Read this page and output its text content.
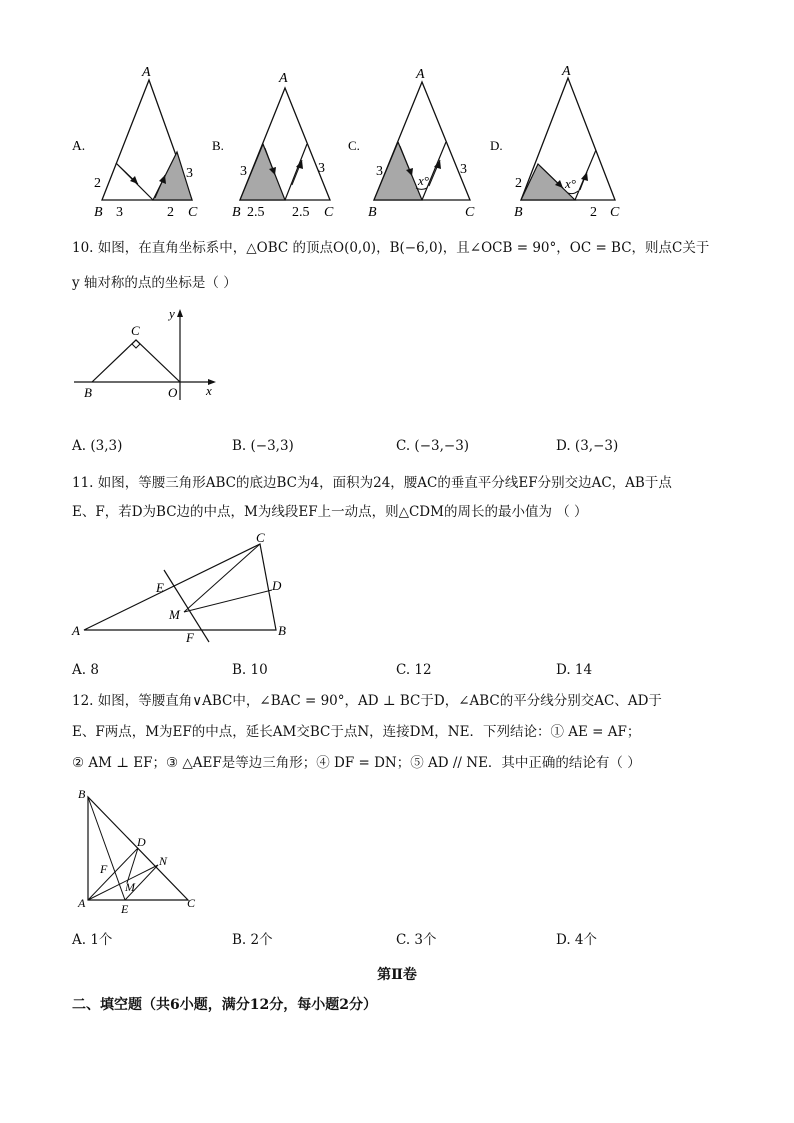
A.
A
B	C
2
3	2
3
B.
A
B	C
3
2.5 2.5
3
C.
A
B	C
3
x°
3
D.
A
B	C
2	x°
2
10. 如图，在直角坐标系中，△OBC 的顶点O(0,0)，B(−6,0)，且∠OCB = 90°，OC = BC，则点C关于
y 轴对称的点的坐标是（ ）
C
y
B	O x
A. (3,3)	B. (−3,3)	C. (−3,−3)	D. (3,−3)
11. 如图，等腰三角形ABC的底边BC为4，面积为24，腰AC的垂直平分线EF分别交边AC，AB于点
E、F，若D为BC边的中点，M为线段EF上一动点，则△CDM的周长的最小值为 （ ）
C
E	D
M
A	B
F
A. 8	B. 10	C. 12	D. 14
12. 如图，等腰直角∨ABC中，∠BAC = 90°，AD ⊥ BC于D，∠ABC的平分线分别交AC、AD于
E、F两点，M为EF的中点，延长AM交BC于点N，连接DM，NE．下列结论：① AE = AF；
② AM ⊥ EF；③ △AEF是等边三角形；④ DF = DN；⑤ AD // NE．其中正确的结论有（ ）
B
D
N
F
M
A	E	C
A. 1个	B. 2个	C. 3个	D. 4个
第Ⅱ卷
二、填空题（共6小题，满分12分，每小题2分）
